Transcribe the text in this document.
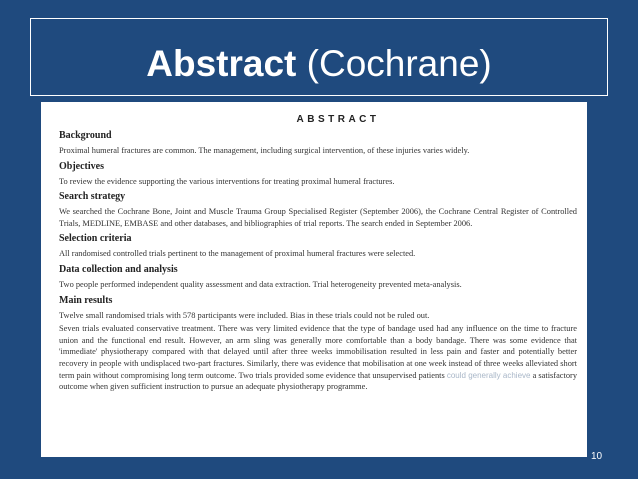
Abstract (Cochrane)
ABSTRACT
Background
Proximal humeral fractures are common. The management, including surgical intervention, of these injuries varies widely.
Objectives
To review the evidence supporting the various interventions for treating proximal humeral fractures.
Search strategy
We searched the Cochrane Bone, Joint and Muscle Trauma Group Specialised Register (September 2006), the Cochrane Central Register of Controlled Trials, MEDLINE, EMBASE and other databases, and bibliographies of trial reports. The search ended in September 2006.
Selection criteria
All randomised controlled trials pertinent to the management of proximal humeral fractures were selected.
Data collection and analysis
Two people performed independent quality assessment and data extraction. Trial heterogeneity prevented meta-analysis.
Main results
Twelve small randomised trials with 578 participants were included. Bias in these trials could not be ruled out.
Seven trials evaluated conservative treatment. There was very limited evidence that the type of bandage used had any influence on the time to fracture union and the functional end result. However, an arm sling was generally more comfortable than a body bandage. There was some evidence that 'immediate' physiotherapy compared with that delayed until after three weeks immobilisation resulted in less pain and faster and potentially better recovery in people with undisplaced two-part fractures. Similarly, there was evidence that mobilisation at one week instead of three weeks alleviated short term pain without compromising long term outcome. Two trials provided some evidence that unsupervised patients could generally achieve a satisfactory outcome when given sufficient instruction to pursue an adequate physiotherapy programme.
10
